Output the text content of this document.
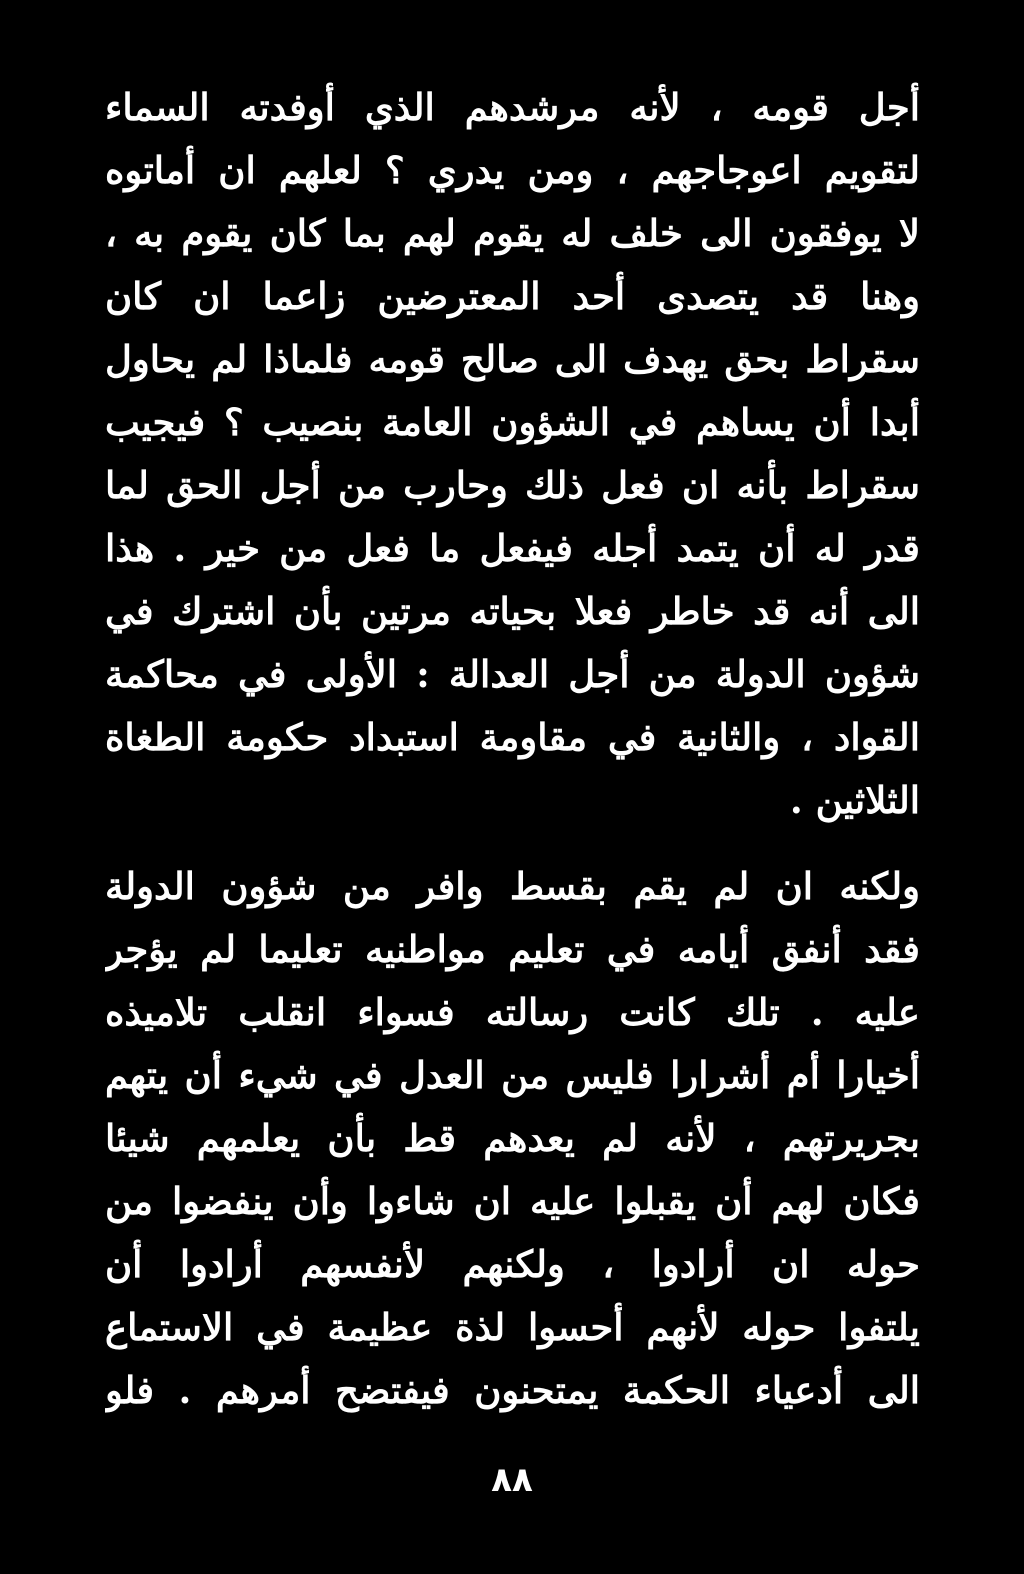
أجل قومه ، لأنه مرشدهم الذي أوفدته السماء
لتقويم اعوجاجهم ، ومن يدري ؟ لعلهم ان أماتوه
لا يوفقون الى خلف له يقوم لهم بما كان يقوم به ،
وهنا قد يتصدى أحد المعترضين زاعما ان كان
سقراط بحق يهدف الى صالح قومه فلماذا لم يحاول
أبدا أن يساهم في الشؤون العامة بنصيب ؟ فيجيب
سقراط بأنه ان فعل ذلك وحارب من أجل الحق لما
قدر له أن يتمد أجله فيفعل ما فعل من خير . هذا
الى أنه قد خاطر فعلا بحياته مرتين بأن اشترك في
شؤون الدولة من أجل العدالة : الأولى في محاكمة
القواد ، والثانية في مقاومة استبداد حكومة الطغاة
الثلاثين .
ولكنه ان لم يقم بقسط وافر من شؤون الدولة
فقد أنفق أيامه في تعليم مواطنيه تعليما لم يؤجر
عليه . تلك كانت رسالته فسواء انقلب تلاميذه
أخيارا أم أشرارا فليس من العدل في شيء أن يتهم
بجريرتهم ، لأنه لم يعدهم قط بأن يعلمهم شيئا
فكان لهم أن يقبلوا عليه ان شاءوا وأن ينفضوا من
حوله ان أرادوا ، ولكنهم لأنفسهم أرادوا أن
يلتفوا حوله لأنهم أحسوا لذة عظيمة في الاستماع
الى أدعياء الحكمة يمتحنون فيفتضح أمرهم . فلو
٨٨
